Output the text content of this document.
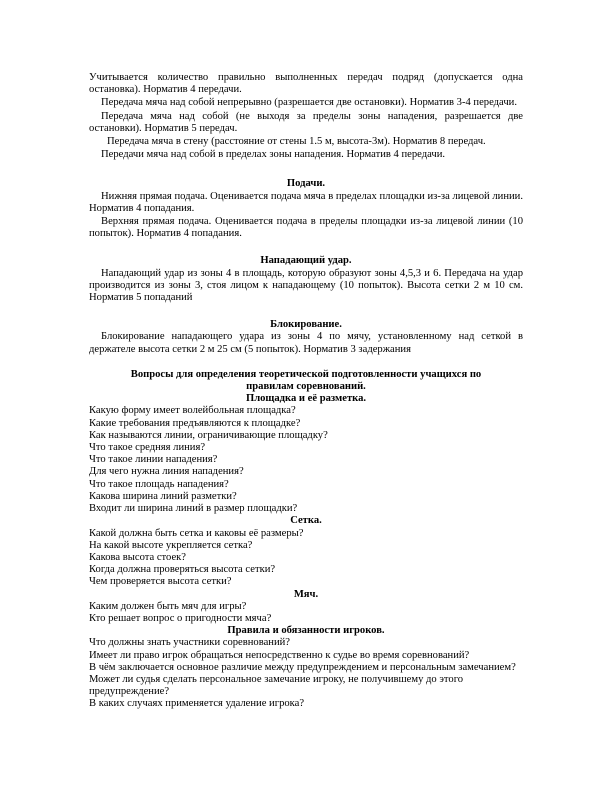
Учитывается количество правильно выполненных передач подряд (допускается одна остановка). Норматив 4 передачи.

Передача мяча над собой непрерывно (разрешается две остановки). Норматив 3-4 передачи.

Передача мяча над собой (не выходя за пределы зоны нападения, разрешается две остановки). Норматив 5 передач.

Передача мяча в стену (расстояние от стены 1.5 м, высота-3м). Норматив 8 передач.

Передачи мяча над собой в пределах зоны нападения. Норматив 4 передачи.

Подачи.

Нижняя прямая подача. Оценивается подача мяча в пределах площадки из-за лицевой линии. Норматив 4 попадания.

Верхняя прямая подача. Оценивается подача в пределы площадки из-за лицевой линии (10 попыток). Норматив 4 попадания.

Нападающий удар.

Нападающий удар из зоны 4 в площадь, которую образуют зоны 4,5,3 и 6. Передача на удар производится из зоны 3, стоя лицом к нападающему (10 попыток). Высота сетки 2 м 10 см. Норматив 5 попаданий

Блокирование.

Блокирование нападающего удара из зоны 4 по мячу, установленному над сеткой в держателе высота сетки 2 м 25 см (5 попыток). Норматив 3 задержания

Вопросы для определения теоретической подготовленности учащихся по правилам соревнований.

Площадка и её разметка.

Какую форму имеет волейбольная площадка?

Какие требования предъявляются к площадке?

Как называются линии, ограничивающие площадку?

Что такое средняя линия?

Что такое линии нападения?

Для чего нужна линия нападения?

Что такое площадь нападения?

Какова ширина линий разметки?

Входит ли ширина линий в размер площадки?

Сетка.

Какой должна быть сетка и каковы её размеры?

На какой высоте укрепляется сетка?

Какова высота стоек?

Когда должна проверяться высота сетки?

Чем проверяется высота сетки?

Мяч.

Каким должен быть мяч для игры?

Кто решает вопрос о пригодности мяча?

Правила и обязанности игроков.

Что должны знать участники соревнований?

Имеет ли право игрок обращаться непосредственно к судье во время соревнований?

В чём заключается основное различие между предупреждением и персональным замечанием?

Может ли судья сделать персональное замечание игроку, не получившему до этого предупреждение?

В каких случаях применяется удаление игрока?
